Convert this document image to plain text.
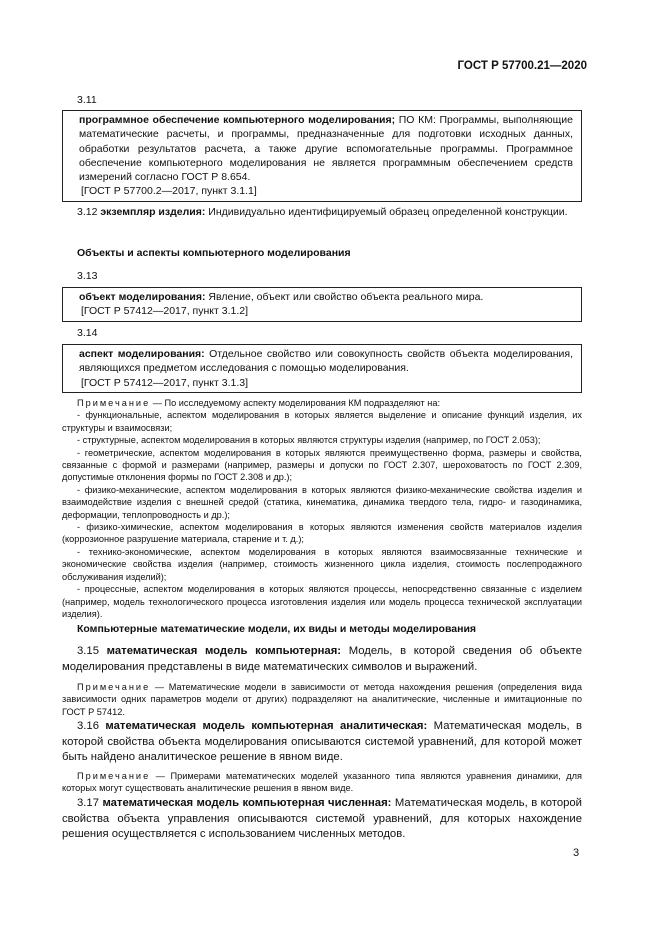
ГОСТ Р 57700.21—2020
3.11
программное обеспечение компьютерного моделирования; ПО КМ: Программы, выполняющие математические расчеты, и программы, предназначенные для подготовки исходных данных, обработки результатов расчета, а также другие вспомогательные программы. Программное обеспечение компьютерного моделирования не является программным обеспечением средств измерений согласно ГОСТ Р 8.654.
[ГОСТ Р 57700.2—2017, пункт 3.1.1]
3.12 экземпляр изделия: Индивидуально идентифицируемый образец определенной конструкции.
Объекты и аспекты компьютерного моделирования
3.13
объект моделирования: Явление, объект или свойство объекта реального мира.
[ГОСТ Р 57412—2017, пункт 3.1.2]
3.14
аспект моделирования: Отдельное свойство или совокупность свойств объекта моделирования, являющихся предметом исследования с помощью моделирования.
[ГОСТ Р 57412—2017, пункт 3.1.3]
Примечание — По исследуемому аспекту моделирования КМ подразделяют на:
- функциональные, аспектом моделирования в которых является выделение и описание функций изделия, их структуры и взаимосвязи;
- структурные, аспектом моделирования в которых являются структуры изделия (например, по ГОСТ 2.053);
- геометрические, аспектом моделирования в которых являются преимущественно форма, размеры и свойства, связанные с формой и размерами (например, размеры и допуски по ГОСТ 2.307, шероховатость по ГОСТ 2.309, допустимые отклонения формы по ГОСТ 2.308 и др.);
- физико-механические, аспектом моделирования в которых являются физико-механические свойства изделия и взаимодействие изделия с внешней средой (статика, кинематика, динамика твердого тела, гидро- и газодинамика, деформации, теплопроводность и др.);
- физико-химические, аспектом моделирования в которых являются изменения свойств материалов изделия (коррозионное разрушение материала, старение и т. д.);
- технико-экономические, аспектом моделирования в которых являются взаимосвязанные технические и экономические свойства изделия (например, стоимость жизненного цикла изделия, стоимость послепродажного обслуживания изделий);
- процессные, аспектом моделирования в которых являются процессы, непосредственно связанные с изделием (например, модель технологического процесса изготовления изделия или модель процесса технической эксплуатации изделия).
Компьютерные математические модели, их виды и методы моделирования
3.15 математическая модель компьютерная: Модель, в которой сведения об объекте моделирования представлены в виде математических символов и выражений.
Примечание — Математические модели в зависимости от метода нахождения решения (определения вида зависимости одних параметров модели от других) подразделяют на аналитические, численные и имитационные по ГОСТ Р 57412.
3.16 математическая модель компьютерная аналитическая: Математическая модель, в которой свойства объекта моделирования описываются системой уравнений, для которой может быть найдено аналитическое решение в явном виде.
Примечание — Примерами математических моделей указанного типа являются уравнения динамики, для которых могут существовать аналитические решения в явном виде.
3.17 математическая модель компьютерная численная: Математическая модель, в которой свойства объекта управления описываются системой уравнений, для которых нахождение решения осуществляется с использованием численных методов.
3
